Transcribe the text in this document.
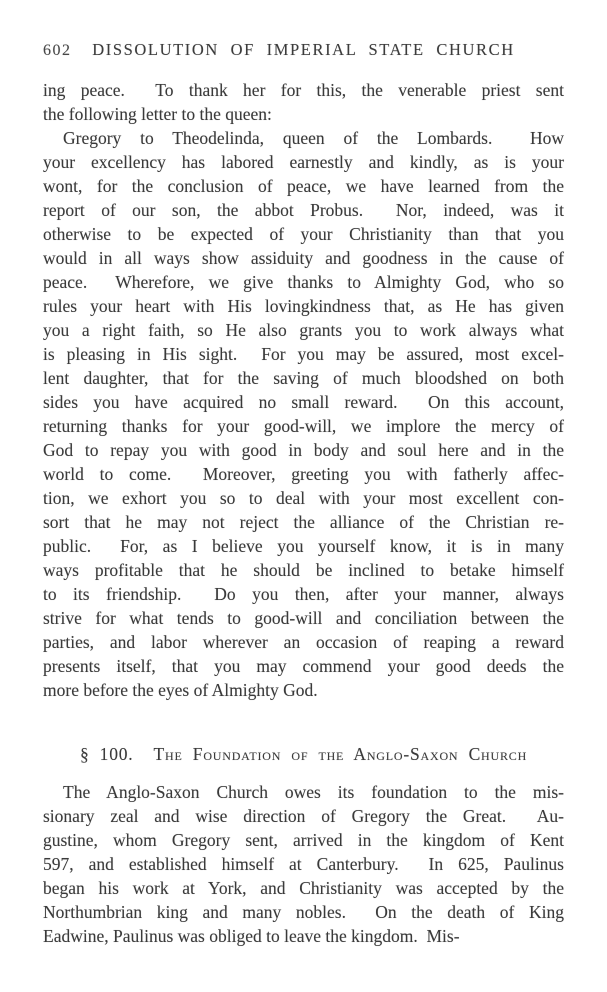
602	DISSOLUTION OF IMPERIAL STATE CHURCH
ing peace.  To thank her for this, the venerable priest sent
the following letter to the queen:
Gregory to Theodelinda, queen of the Lombards.  How
your excellency has labored earnestly and kindly, as is your
wont, for the conclusion of peace, we have learned from the
report of our son, the abbot Probus.  Nor, indeed, was it
otherwise to be expected of your Christianity than that you
would in all ways show assiduity and goodness in the cause of
peace.  Wherefore, we give thanks to Almighty God, who so
rules your heart with His lovingkindness that, as He has given
you a right faith, so He also grants you to work always what
is pleasing in His sight.  For you may be assured, most excel-
lent daughter, that for the saving of much bloodshed on both
sides you have acquired no small reward.  On this account,
returning thanks for your good-will, we implore the mercy of
God to repay you with good in body and soul here and in the
world to come.  Moreover, greeting you with fatherly affec-
tion, we exhort you so to deal with your most excellent con-
sort that he may not reject the alliance of the Christian re-
public.  For, as I believe you yourself know, it is in many
ways profitable that he should be inclined to betake himself
to its friendship.  Do you then, after your manner, always
strive for what tends to good-will and conciliation between the
parties, and labor wherever an occasion of reaping a reward
presents itself, that you may commend your good deeds the
more before the eyes of Almighty God.
§ 100.  The Foundation of the Anglo-Saxon Church
The Anglo-Saxon Church owes its foundation to the mis-
sionary zeal and wise direction of Gregory the Great.  Au-
gustine, whom Gregory sent, arrived in the kingdom of Kent
597, and established himself at Canterbury.  In 625, Paulinus
began his work at York, and Christianity was accepted by the
Northumbrian king and many nobles.  On the death of King
Eadwine, Paulinus was obliged to leave the kingdom.  Mis-
